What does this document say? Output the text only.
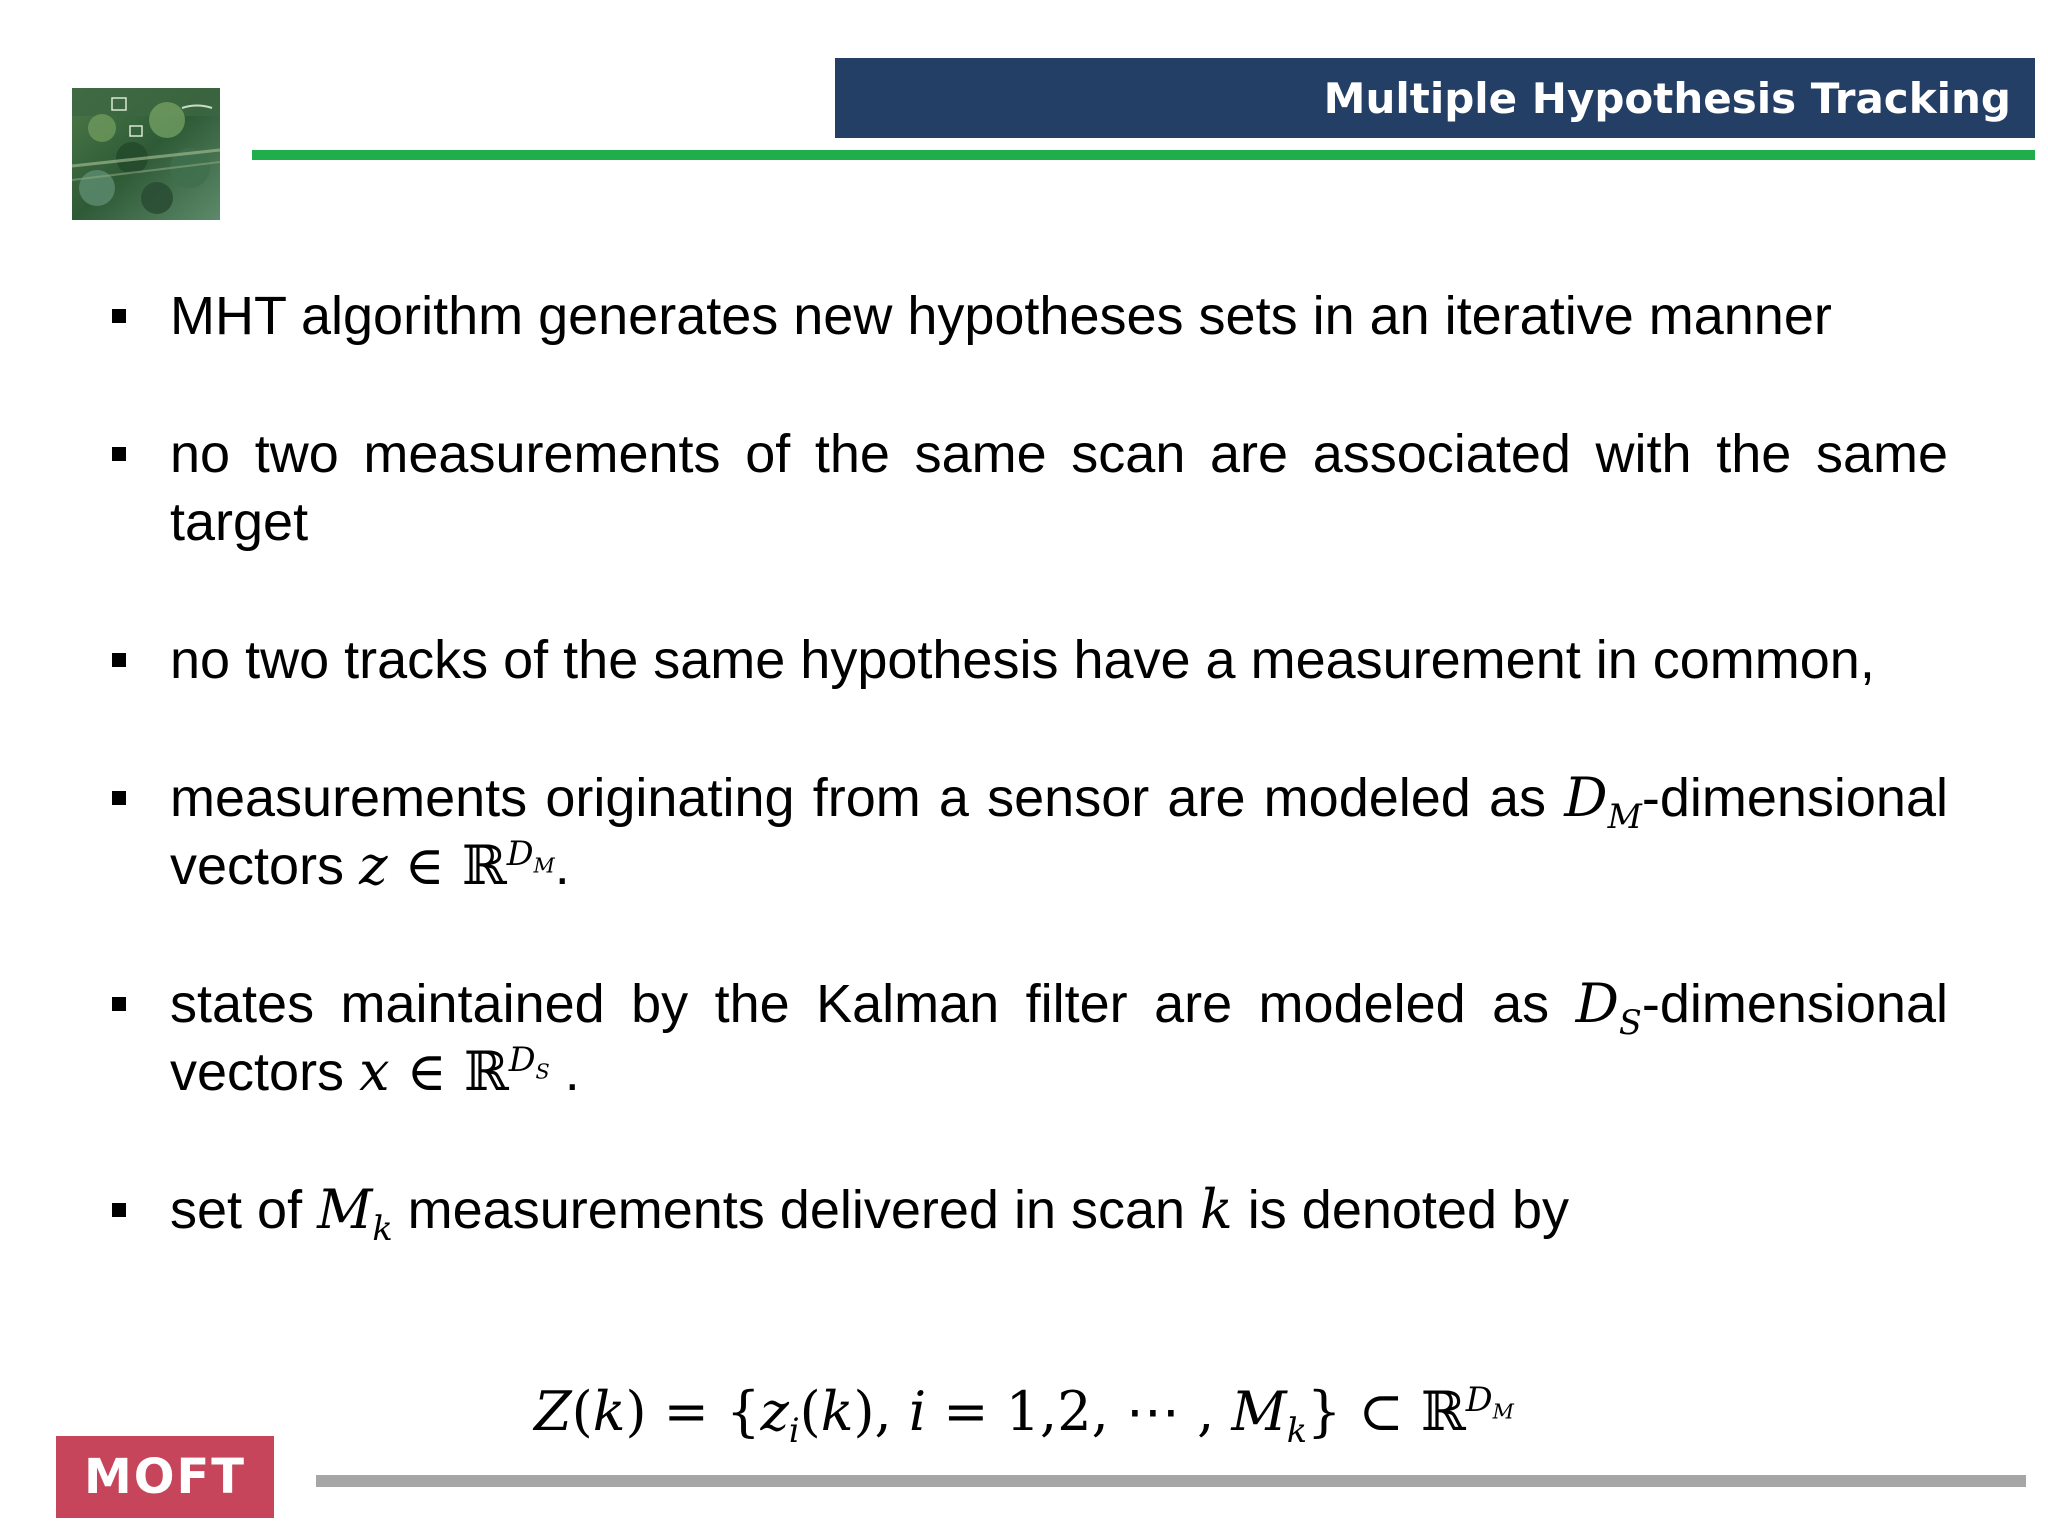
Multiple Hypothesis Tracking
MHT algorithm generates new hypotheses sets in an iterative manner
no two measurements of the same scan are associated with the same target
no two tracks of the same hypothesis have a measurement in common,
measurements originating from a sensor are modeled as $D_M$-dimensional vectors z ∈ ℝ$^{D_M}$.
states maintained by the Kalman filter are modeled as $D_S$-dimensional vectors x ∈ ℝ$^{D_S}$ .
set of $M_k$ measurements delivered in scan k is denoted by
$Z(k) = \{z_i(k)$, i = 1,2, ⋯ , $M_k$} ⊂ ℝ$^{D_M}$
MOFT
